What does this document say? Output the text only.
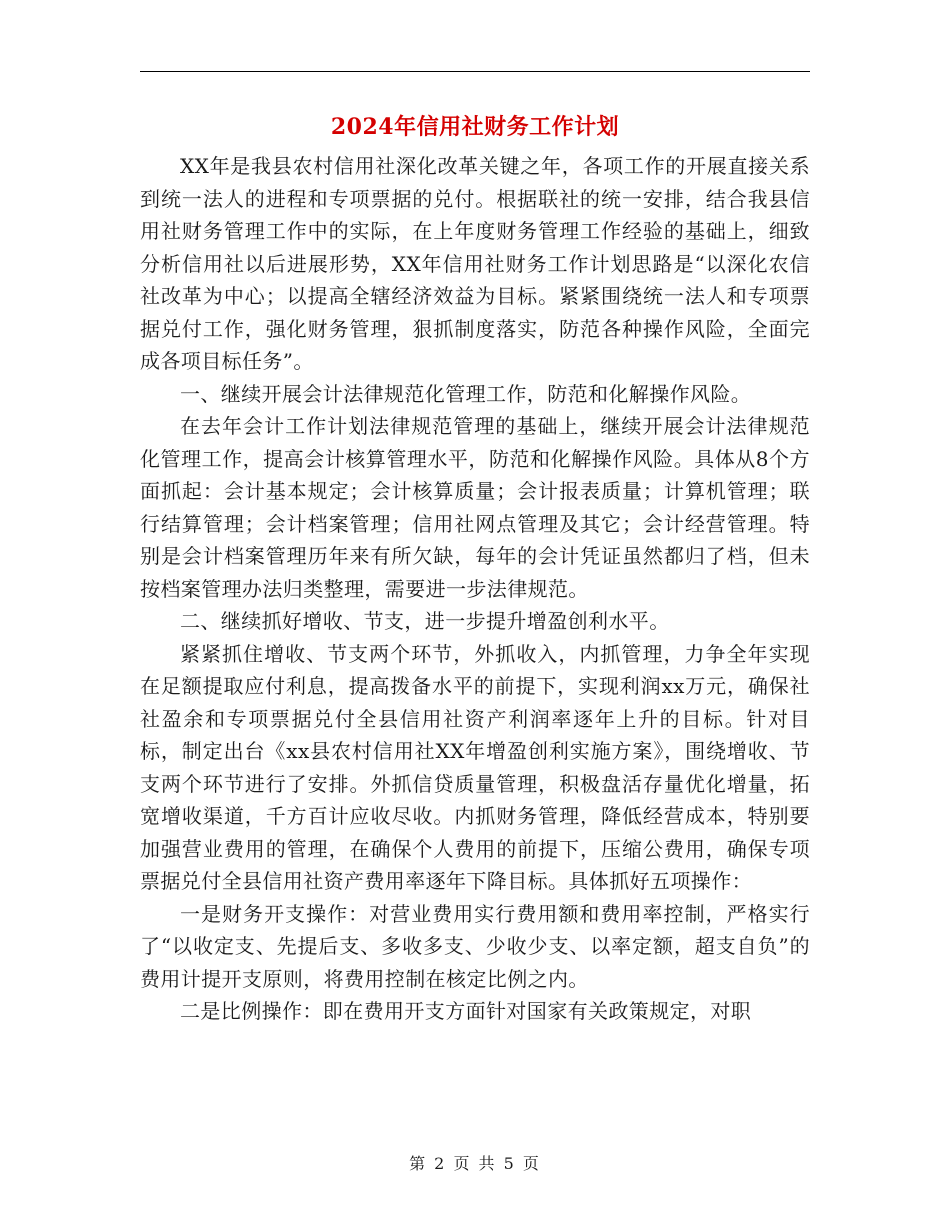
2024年信用社财务工作计划

XX年是我县农村信用社深化改革关键之年，各项工作的开展直接关系到统一法人的进程和专项票据的兑付。根据联社的统一安排，结合我县信用社财务管理工作中的实际，在上年度财务管理工作经验的基础上，细致分析信用社以后进展形势，XX年信用社财务工作计划思路是“以深化农信社改革为中心；以提高全辖经济效益为目标。紧紧围绕统一法人和专项票据兑付工作，强化财务管理，狠抓制度落实，防范各种操作风险，全面完成各项目标任务”。

一、继续开展会计法律规范化管理工作，防范和化解操作风险。

在去年会计工作计划法律规范管理的基础上，继续开展会计法律规范化管理工作，提高会计核算管理水平，防范和化解操作风险。具体从8个方面抓起：会计基本规定；会计核算质量；会计报表质量；计算机管理；联行结算管理；会计档案管理；信用社网点管理及其它；会计经营管理。特别是会计档案管理历年来有所欠缺，每年的会计凭证虽然都归了档，但未按档案管理办法归类整理，需要进一步法律规范。

二、继续抓好增收、节支，进一步提升增盈创利水平。

紧紧抓住增收、节支两个环节，外抓收入，内抓管理，力争全年实现在足额提取应付利息，提高拨备水平的前提下，实现利润xx万元，确保社社盈余和专项票据兑付全县信用社资产利润率逐年上升的目标。针对目标，制定出台《xx县农村信用社XX年增盈创利实施方案》，围绕增收、节支两个环节进行了安排。外抓信贷质量管理，积极盘活存量优化增量，拓宽增收渠道，千方百计应收尽收。内抓财务管理，降低经营成本，特别要加强营业费用的管理，在确保个人费用的前提下，压缩公费用，确保专项票据兑付全县信用社资产费用率逐年下降目标。具体抓好五项操作：

一是财务开支操作：对营业费用实行费用额和费用率控制，严格实行了“以收定支、先提后支、多收多支、少收少支、以率定额，超支自负”的费用计提开支原则，将费用控制在核定比例之内。

二是比例操作：即在费用开支方面针对国家有关政策规定，对职

第 2 页 共 5 页
